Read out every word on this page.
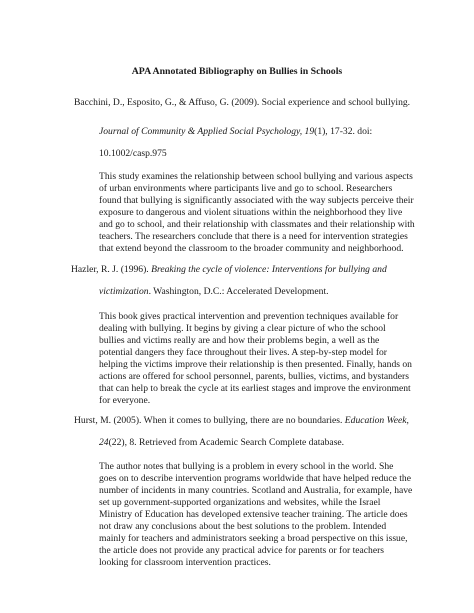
APA Annotated Bibliography on Bullies in Schools
Bacchini, D., Esposito, G., & Affuso, G. (2009). Social experience and school bullying.
Journal of Community & Applied Social Psychology, 19(1), 17-32. doi:
10.1002/casp.975
This study examines the relationship between school bullying and various aspects
of urban environments where participants live and go to school. Researchers
found that bullying is significantly associated with the way subjects perceive their
exposure to dangerous and violent situations within the neighborhood they live
and go to school, and their relationship with classmates and their relationship with
teachers. The researchers conclude that there is a need for intervention strategies
that extend beyond the classroom to the broader community and neighborhood.
Hazler, R. J. (1996). Breaking the cycle of violence: Interventions for bullying and
victimization. Washington, D.C.: Accelerated Development.
This book gives practical intervention and prevention techniques available for
dealing with bullying. It begins by giving a clear picture of who the school
bullies and victims really are and how their problems begin, a well as the
potential dangers they face throughout their lives. A step-by-step model for
helping the victims improve their relationship is then presented. Finally, hands on
actions are offered for school personnel, parents, bullies, victims, and bystanders
that can help to break the cycle at its earliest stages and improve the environment
for everyone.
Hurst, M. (2005). When it comes to bullying, there are no boundaries. Education Week,
24(22), 8. Retrieved from Academic Search Complete database.
The author notes that bullying is a problem in every school in the world. She
goes on to describe intervention programs worldwide that have helped reduce the
number of incidents in many countries. Scotland and Australia, for example, have
set up government-supported organizations and websites, while the Israel
Ministry of Education has developed extensive teacher training. The article does
not draw any conclusions about the best solutions to the problem. Intended
mainly for teachers and administrators seeking a broad perspective on this issue,
the article does not provide any practical advice for parents or for teachers
looking for classroom intervention practices.
